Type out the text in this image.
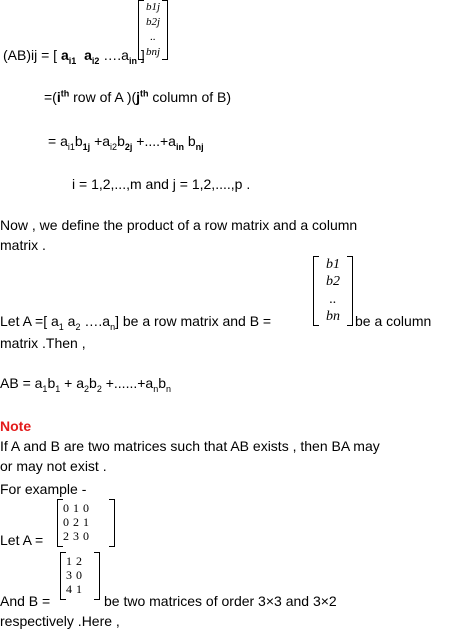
b1j
b2j
..
bnj
(AB)ij = [ $a_{i1}$ $a_{i2}$ $\dots.a_{in}$ ]
$=(i^{th}$ row of A )($j^{th}$ column of B)
= $a_{i1}b_{1j} +a_{i2}b_{2j} +....+a_{in}$ $b_{nj}$
i = 1,2,...,m and j = 1,2,....,p .
Now , we define the product of a row matrix and a column
matrix .
b1
b2
..
bn
Let A =[ $a_1$ $a_2$ $\dots.a_n$] be a row matrix and B =	be a column
matrix .Then ,
AB = $a_1b_1 + a_2b_2 +......+a_nb_n$
Note
If A and B are two matrices such that AB exists , then BA may
or may not exist .
For example -
0	1	0
0	2	1
2	3	0
Let A =
1	2
3	0
4	1
And B =	be two matrices of order 3×3 and 3×2
respectively .Here ,
